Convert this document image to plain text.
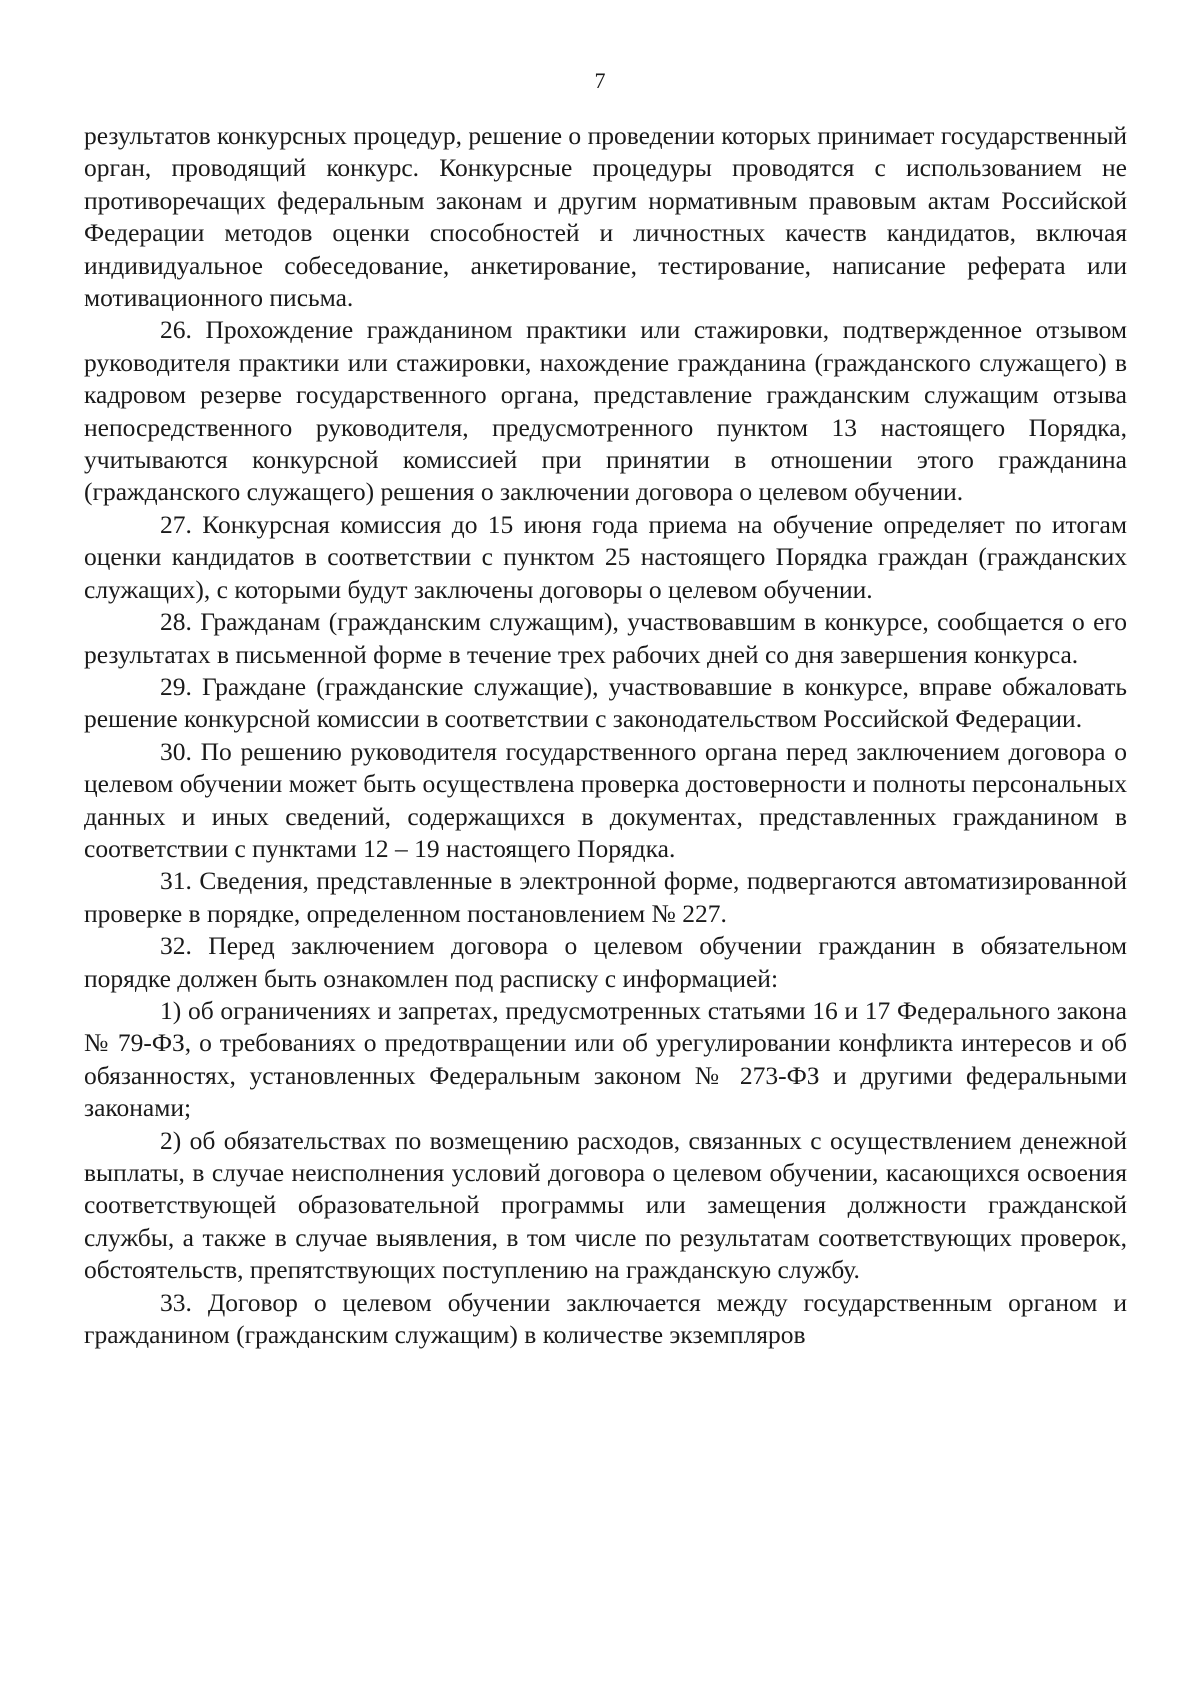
7

результатов конкурсных процедур, решение о проведении которых принимает государственный орган, проводящий конкурс. Конкурсные процедуры проводятся с использованием не противоречащих федеральным законам и другим нормативным правовым актам Российской Федерации методов оценки способностей и личностных качеств кандидатов, включая индивидуальное собеседование, анкетирование, тестирование, написание реферата или мотивационного письма.

26. Прохождение гражданином практики или стажировки, подтвержденное отзывом руководителя практики или стажировки, нахождение гражданина (гражданского служащего) в кадровом резерве государственного органа, представление гражданским служащим отзыва непосредственного руководителя, предусмотренного пунктом 13 настоящего Порядка, учитываются конкурсной комиссией при принятии в отношении этого гражданина (гражданского служащего) решения о заключении договора о целевом обучении.

27. Конкурсная комиссия до 15 июня года приема на обучение определяет по итогам оценки кандидатов в соответствии с пунктом 25 настоящего Порядка граждан (гражданских служащих), с которыми будут заключены договоры о целевом обучении.

28. Гражданам (гражданским служащим), участвовавшим в конкурсе, сообщается о его результатах в письменной форме в течение трех рабочих дней со дня завершения конкурса.

29. Граждане (гражданские служащие), участвовавшие в конкурсе, вправе обжаловать решение конкурсной комиссии в соответствии с законодательством Российской Федерации.

30. По решению руководителя государственного органа перед заключением договора о целевом обучении может быть осуществлена проверка достоверности и полноты персональных данных и иных сведений, содержащихся в документах, представленных гражданином в соответствии с пунктами 12 – 19 настоящего Порядка.

31. Сведения, представленные в электронной форме, подвергаются автоматизированной проверке в порядке, определенном постановлением № 227.

32. Перед заключением договора о целевом обучении гражданин в обязательном порядке должен быть ознакомлен под расписку с информацией:

1) об ограничениях и запретах, предусмотренных статьями 16 и 17 Федерального закона № 79-ФЗ, о требованиях о предотвращении или об урегулировании конфликта интересов и об обязанностях, установленных Федеральным законом № 273-ФЗ и другими федеральными законами;

2) об обязательствах по возмещению расходов, связанных с осуществлением денежной выплаты, в случае неисполнения условий договора о целевом обучении, касающихся освоения соответствующей образовательной программы или замещения должности гражданской службы, а также в случае выявления, в том числе по результатам соответствующих проверок, обстоятельств, препятствующих поступлению на гражданскую службу.

33. Договор о целевом обучении заключается между государственным органом и гражданином (гражданским служащим) в количестве экземпляров
